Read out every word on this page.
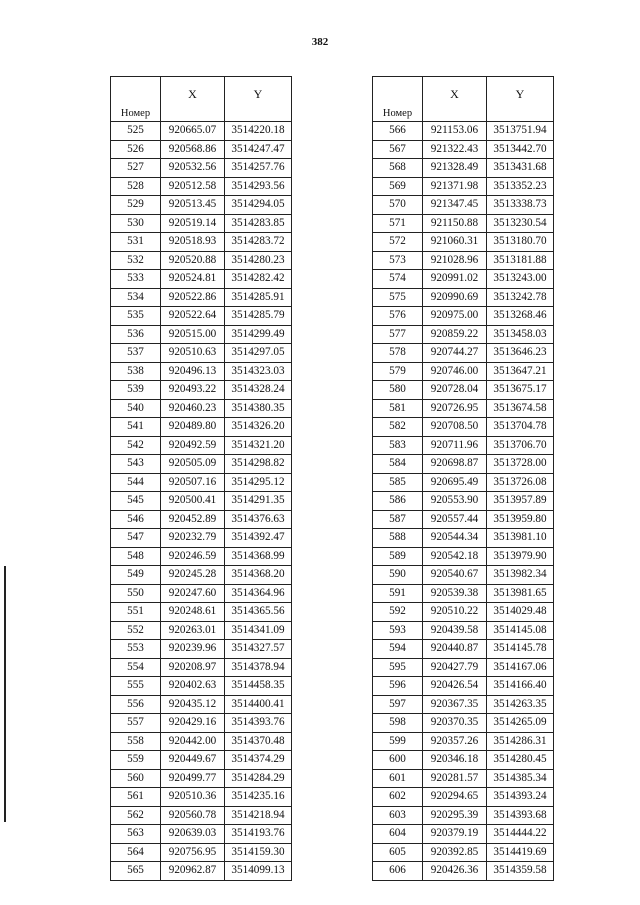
382
Номер	X	Y
525	920665.07	3514220.18
526	920568.86	3514247.47
527	920532.56	3514257.76
528	920512.58	3514293.56
529	920513.45	3514294.05
530	920519.14	3514283.85
531	920518.93	3514283.72
532	920520.88	3514280.23
533	920524.81	3514282.42
534	920522.86	3514285.91
535	920522.64	3514285.79
536	920515.00	3514299.49
537	920510.63	3514297.05
538	920496.13	3514323.03
539	920493.22	3514328.24
540	920460.23	3514380.35
541	920489.80	3514326.20
542	920492.59	3514321.20
543	920505.09	3514298.82
544	920507.16	3514295.12
545	920500.41	3514291.35
546	920452.89	3514376.63
547	920232.79	3514392.47
548	920246.59	3514368.99
549	920245.28	3514368.20
550	920247.60	3514364.96
551	920248.61	3514365.56
552	920263.01	3514341.09
553	920239.96	3514327.57
554	920208.97	3514378.94
555	920402.63	3514458.35
556	920435.12	3514400.41
557	920429.16	3514393.76
558	920442.00	3514370.48
559	920449.67	3514374.29
560	920499.77	3514284.29
561	920510.36	3514235.16
562	920560.78	3514218.94
563	920639.03	3514193.76
564	920756.95	3514159.30
565	920962.87	3514099.13
Номер	X	Y
566	921153.06	3513751.94
567	921322.43	3513442.70
568	921328.49	3513431.68
569	921371.98	3513352.23
570	921347.45	3513338.73
571	921150.88	3513230.54
572	921060.31	3513180.70
573	921028.96	3513181.88
574	920991.02	3513243.00
575	920990.69	3513242.78
576	920975.00	3513268.46
577	920859.22	3513458.03
578	920744.27	3513646.23
579	920746.00	3513647.21
580	920728.04	3513675.17
581	920726.95	3513674.58
582	920708.50	3513704.78
583	920711.96	3513706.70
584	920698.87	3513728.00
585	920695.49	3513726.08
586	920553.90	3513957.89
587	920557.44	3513959.80
588	920544.34	3513981.10
589	920542.18	3513979.90
590	920540.67	3513982.34
591	920539.38	3513981.65
592	920510.22	3514029.48
593	920439.58	3514145.08
594	920440.87	3514145.78
595	920427.79	3514167.06
596	920426.54	3514166.40
597	920367.35	3514263.35
598	920370.35	3514265.09
599	920357.26	3514286.31
600	920346.18	3514280.45
601	920281.57	3514385.34
602	920294.65	3514393.24
603	920295.39	3514393.68
604	920379.19	3514444.22
605	920392.85	3514419.69
606	920426.36	3514359.58
